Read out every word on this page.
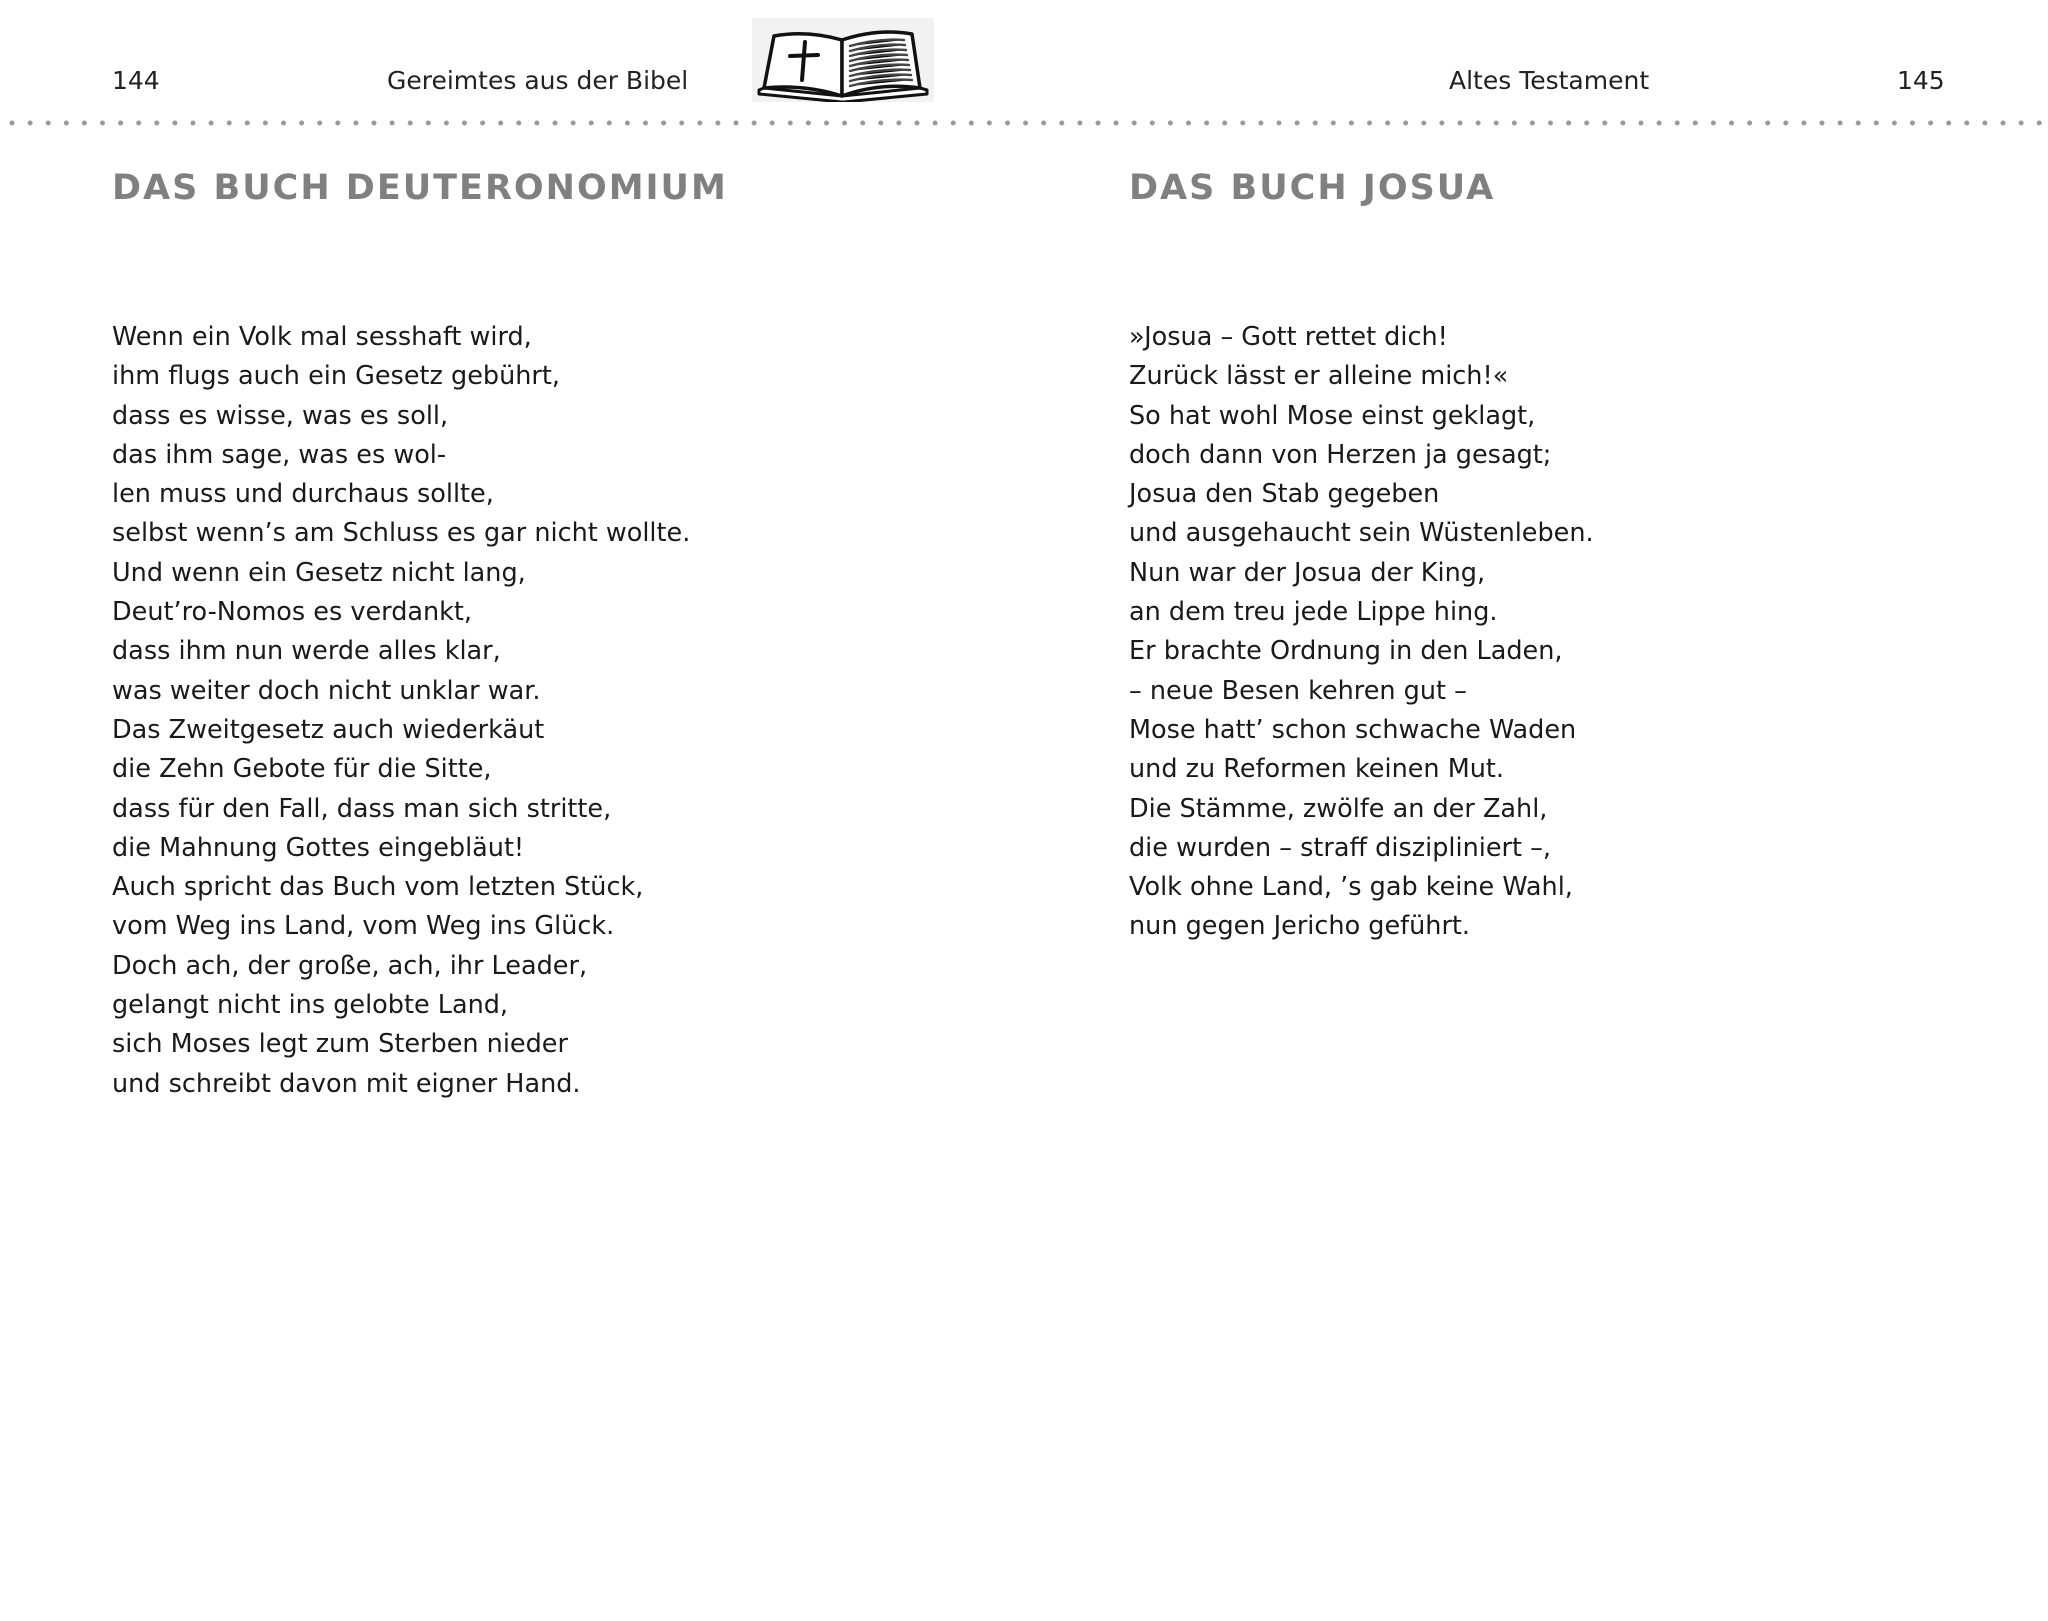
144	Gereimtes aus der Bibel	Altes Testament	145
DAS BUCH DEUTERONOMIUM
Wenn ein Volk mal sesshaft wird,
ihm flugs auch ein Gesetz gebührt,
dass es wisse, was es soll,
das ihm sage, was es wol-
len muss und durchaus sollte,
selbst wenn’s am Schluss es gar nicht wollte.
Und wenn ein Gesetz nicht lang,
Deut’ro-Nomos es verdankt,
dass ihm nun werde alles klar,
was weiter doch nicht unklar war.
Das Zweitgesetz auch wiederkäut
die Zehn Gebote für die Sitte,
dass für den Fall, dass man sich stritte,
die Mahnung Gottes eingebläut!
Auch spricht das Buch vom letzten Stück,
vom Weg ins Land, vom Weg ins Glück.
Doch ach, der große, ach, ihr Leader,
gelangt nicht ins gelobte Land,
sich Moses legt zum Sterben nieder
und schreibt davon mit eigner Hand.
DAS BUCH JOSUA
»Josua – Gott rettet dich!
Zurück lässt er alleine mich!«
So hat wohl Mose einst geklagt,
doch dann von Herzen ja gesagt;
Josua den Stab gegeben
und ausgehaucht sein Wüstenleben.
Nun war der Josua der King,
an dem treu jede Lippe hing.
Er brachte Ordnung in den Laden,
– neue Besen kehren gut –
Mose hatt’ schon schwache Waden
und zu Reformen keinen Mut.
Die Stämme, zwölfe an der Zahl,
die wurden – straff diszipliniert –,
Volk ohne Land, ’s gab keine Wahl,
nun gegen Jericho geführt.
